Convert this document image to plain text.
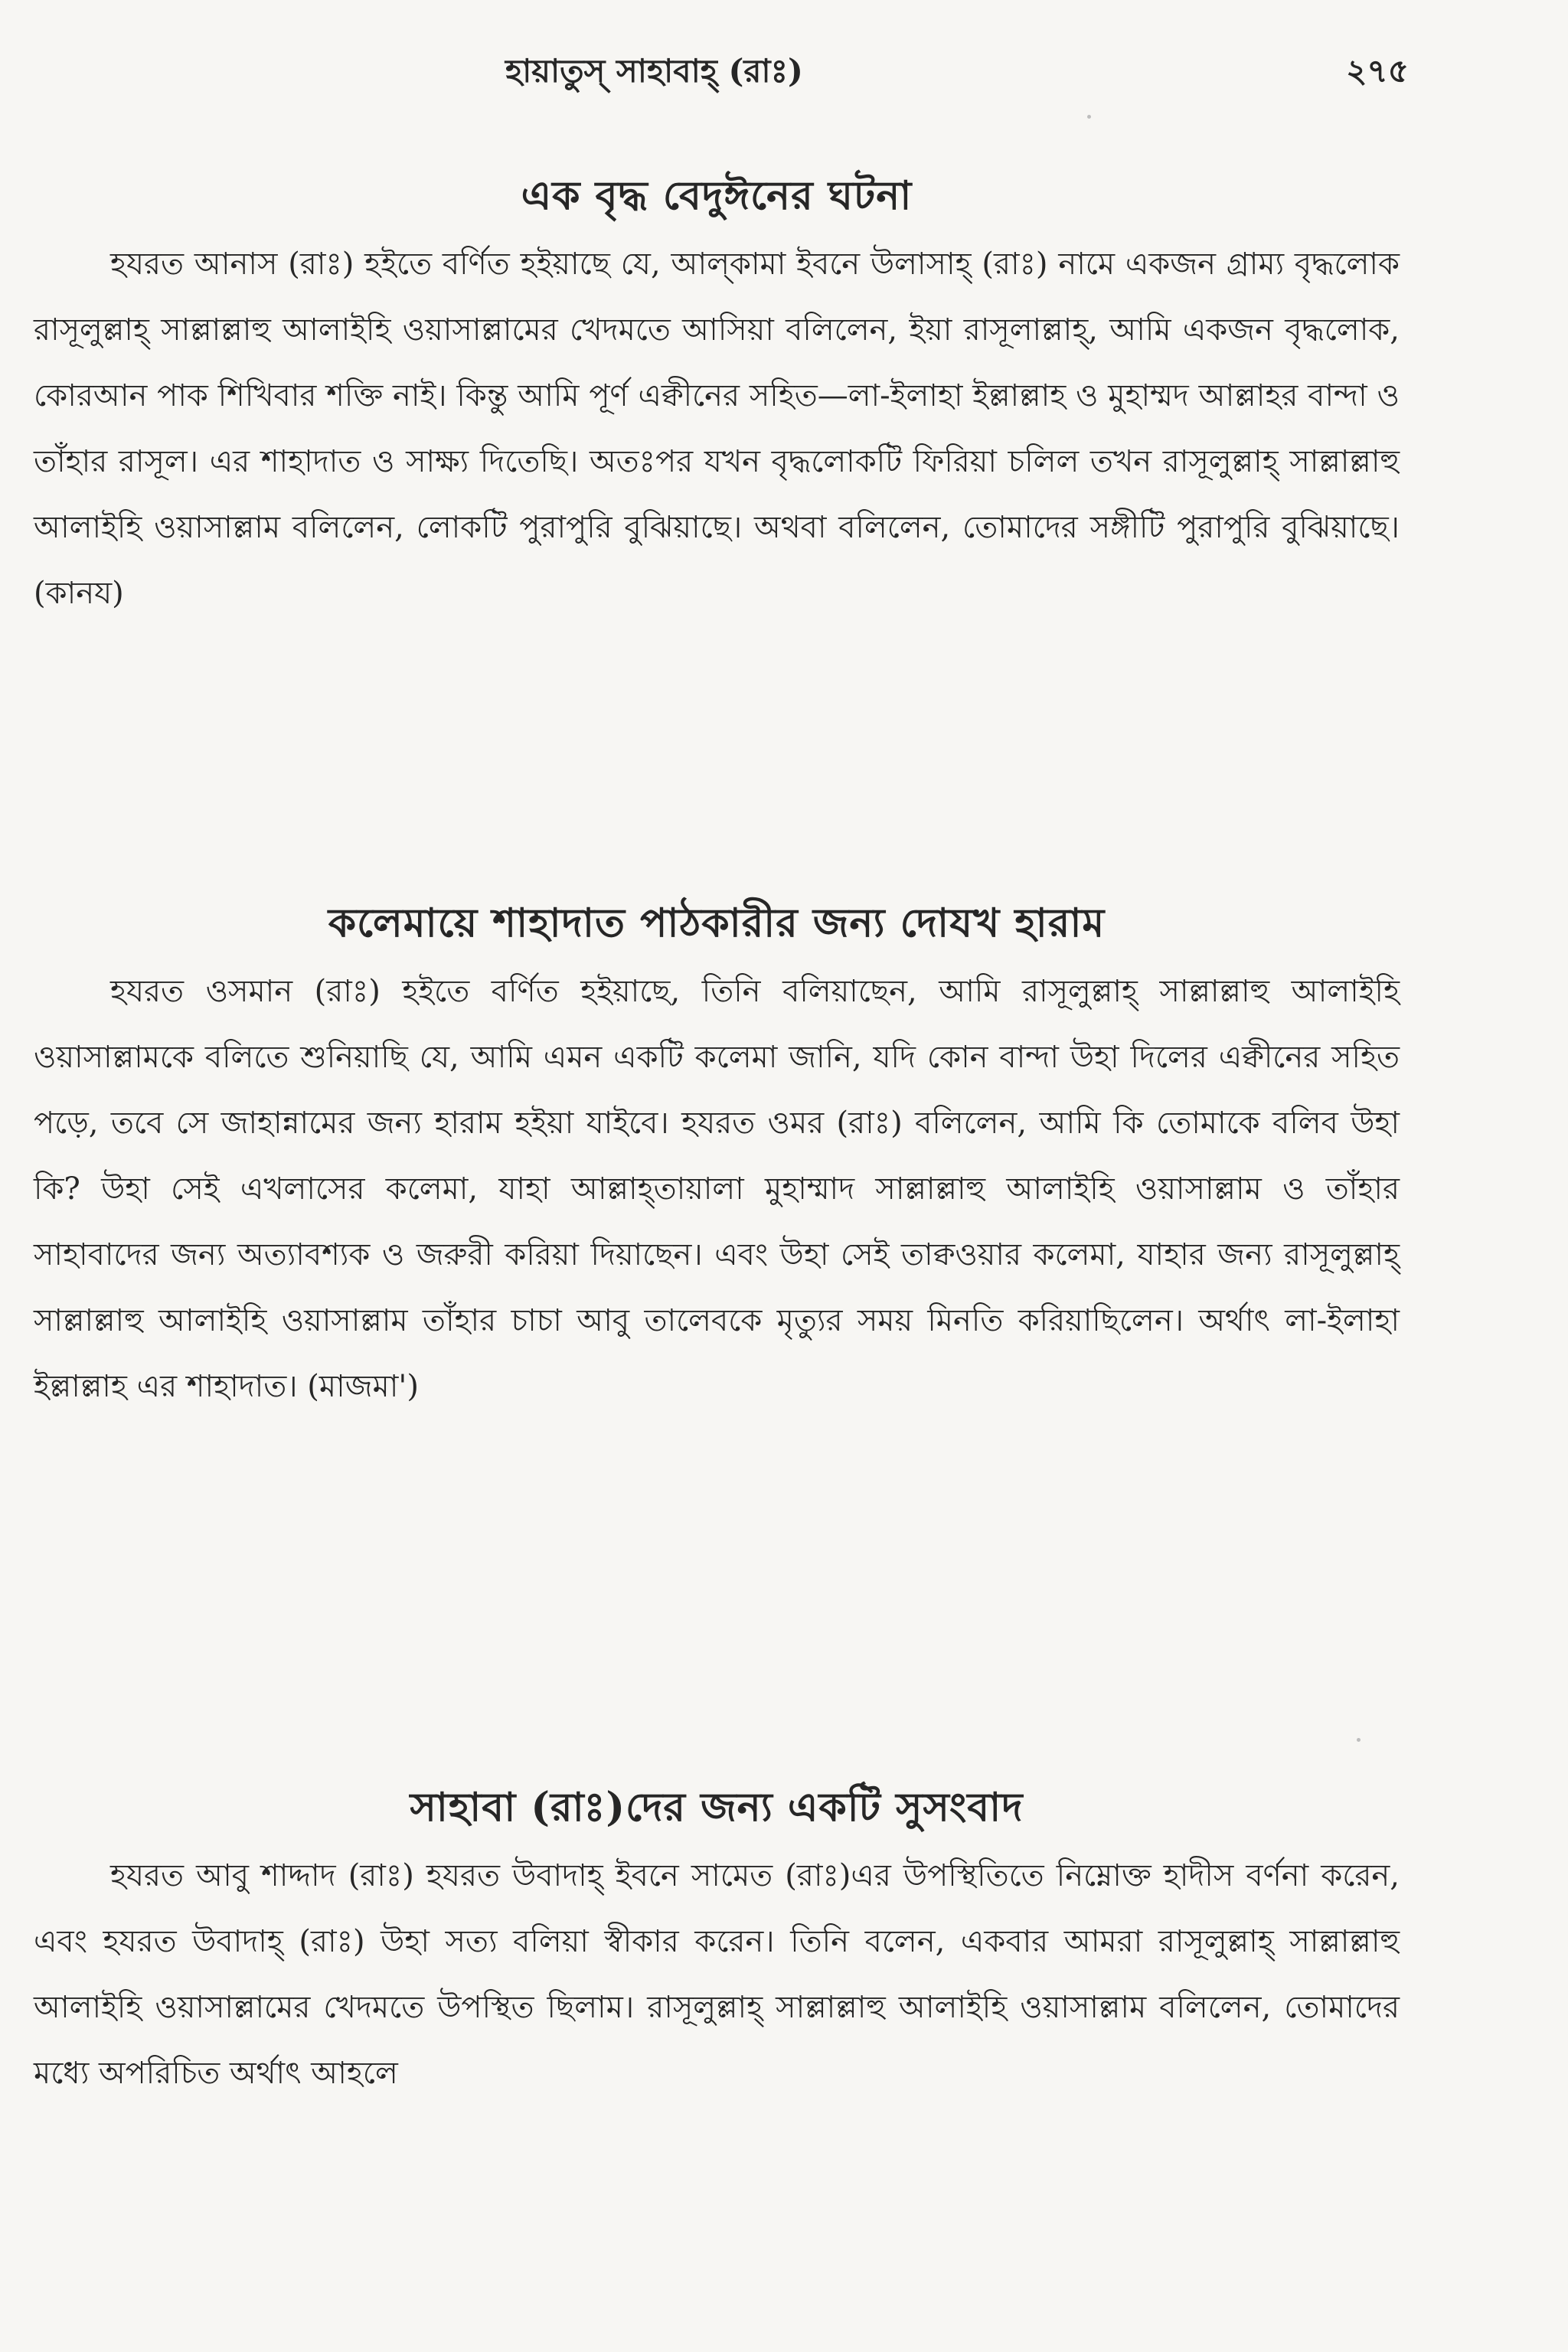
হায়াতুস্ সাহাবাহ্ (রাঃ)	২৭৫
এক বৃদ্ধ বেদুঈনের ঘটনা

হযরত আনাস (রাঃ) হইতে বর্ণিত হইয়াছে যে, আল্‌কামা ইবনে উলাসাহ্ (রাঃ) নামে একজন গ্রাম্য বৃদ্ধলোক রাসূলুল্লাহ্ সাল্লাল্লাহু আলাইহি ওয়াসাল্লামের খেদমতে আসিয়া বলিলেন, ইয়া রাসূলাল্লাহ্, আমি একজন বৃদ্ধলোক, কোরআন পাক শিখিবার শক্তি নাই। কিন্তু আমি পূর্ণ এক্বীনের সহিত—লা-ইলাহা ইল্লাল্লাহ ও মুহাম্মদ আল্লাহর বান্দা ও তাঁহার রাসূল। এর শাহাদাত ও সাক্ষ্য দিতেছি। অতঃপর যখন বৃদ্ধলোকটি ফিরিয়া চলিল তখন রাসূলুল্লাহ্ সাল্লাল্লাহু আলাইহি ওয়াসাল্লাম বলিলেন, লোকটি পুরাপুরি বুঝিয়াছে। অথবা বলিলেন, তোমাদের সঙ্গীটি পুরাপুরি বুঝিয়াছে। (কানয)

কলেমায়ে শাহাদাত পাঠকারীর জন্য দোযখ হারাম

হযরত ওসমান (রাঃ) হইতে বর্ণিত হইয়াছে, তিনি বলিয়াছেন, আমি রাসূলুল্লাহ্ সাল্লাল্লাহু আলাইহি ওয়াসাল্লামকে বলিতে শুনিয়াছি যে, আমি এমন একটি কলেমা জানি, যদি কোন বান্দা উহা দিলের এক্বীনের সহিত পড়ে, তবে সে জাহান্নামের জন্য হারাম হইয়া যাইবে। হযরত ওমর (রাঃ) বলিলেন, আমি কি তোমাকে বলিব উহা কি? উহা সেই এখলাসের কলেমা, যাহা আল্লাহ্‌তায়ালা মুহাম্মাদ সাল্লাল্লাহু আলাইহি ওয়াসাল্লাম ও তাঁহার সাহাবাদের জন্য অত্যাবশ্যক ও জরুরী করিয়া দিয়াছেন। এবং উহা সেই তাক্বওয়ার কলেমা, যাহার জন্য রাসূলুল্লাহ্ সাল্লাল্লাহু আলাইহি ওয়াসাল্লাম তাঁহার চাচা আবু তালেবকে মৃত্যুর সময় মিনতি করিয়াছিলেন। অর্থাৎ লা-ইলাহা ইল্লাল্লাহ এর শাহাদাত। (মাজমা')

সাহাবা (রাঃ)দের জন্য একটি সুসংবাদ

হযরত আবু শাদ্দাদ (রাঃ) হযরত উবাদাহ্ ইবনে সামেত (রাঃ)এর উপস্থিতিতে নিম্নোক্ত হাদীস বর্ণনা করেন, এবং হযরত উবাদাহ্ (রাঃ) উহা সত্য বলিয়া স্বীকার করেন। তিনি বলেন, একবার আমরা রাসূলুল্লাহ্ সাল্লাল্লাহু আলাইহি ওয়াসাল্লামের খেদমতে উপস্থিত ছিলাম। রাসূলুল্লাহ্ সাল্লাল্লাহু আলাইহি ওয়াসাল্লাম বলিলেন, তোমাদের মধ্যে অপরিচিত অর্থাৎ আহলে
